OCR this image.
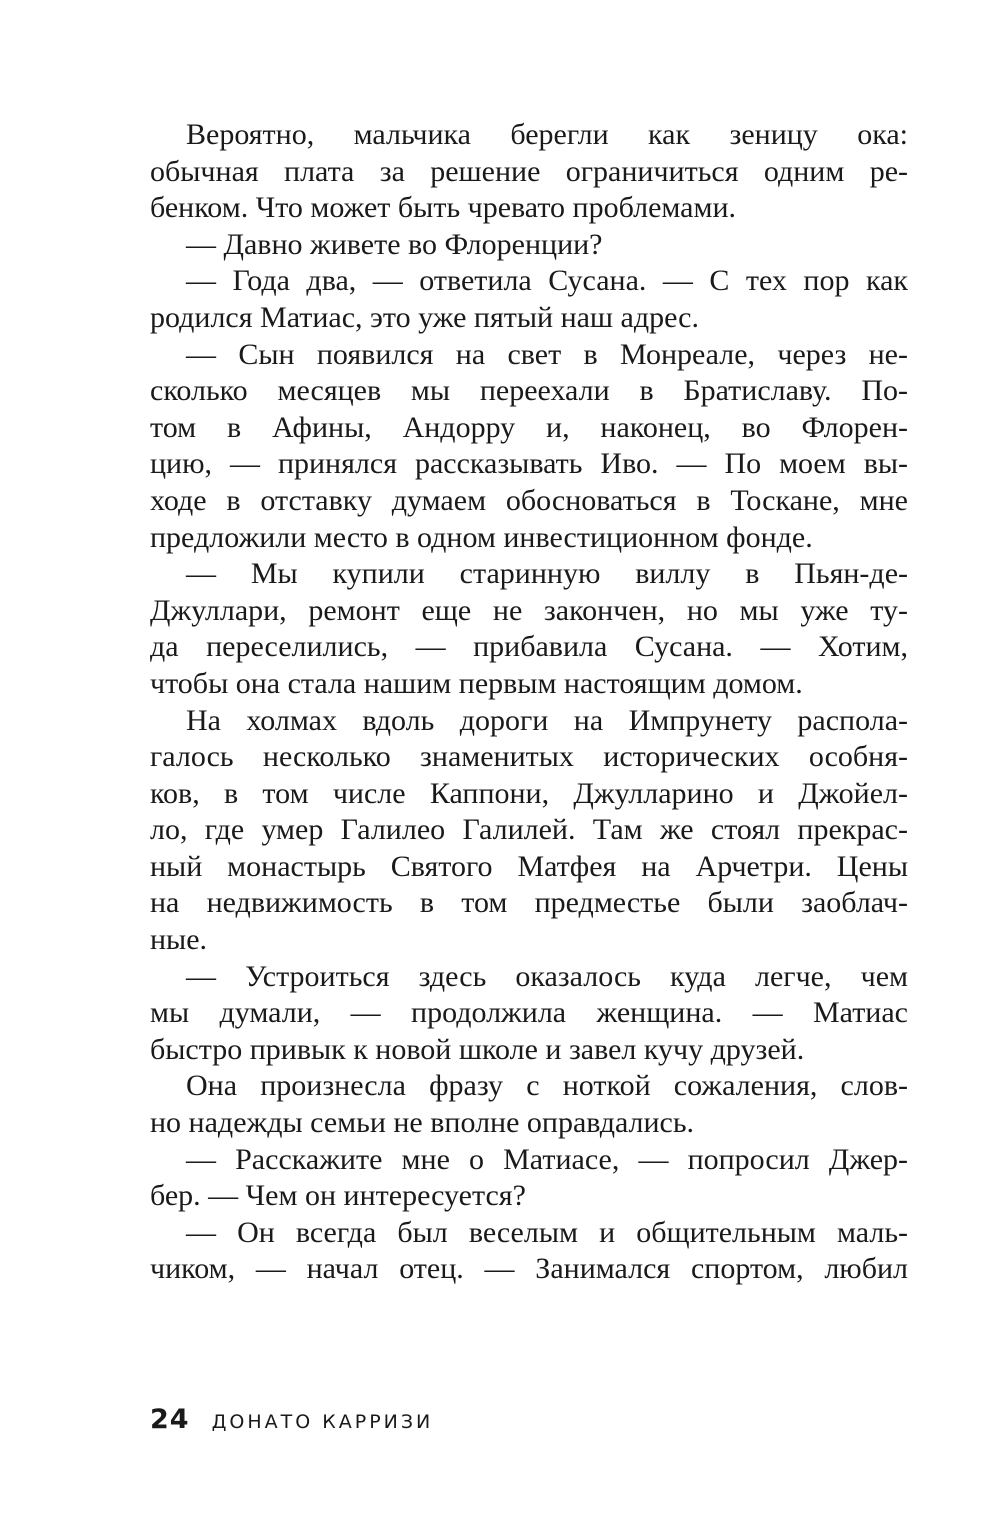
Вероятно, мальчика берегли как зеницу ока:
обычная плата за решение ограничиться одним ре-
бенком. Что может быть чревато проблемами.
— Давно живете во Флоренции?
— Года два, — ответила Сусана. — С тех пор как
родился Матиас, это уже пятый наш адрес.
— Сын появился на свет в Монреале, через не-
сколько месяцев мы переехали в Братиславу. По-
том в Афины, Андорру и, наконец, во Флорен-
цию, — принялся рассказывать Иво. — По моем вы-
ходе в отставку думаем обосноваться в Тоскане, мне
предложили место в одном инвестиционном фонде.
— Мы купили старинную виллу в Пьян-де-
Джуллари, ремонт еще не закончен, но мы уже ту-
да переселились, — прибавила Сусана. — Хотим,
чтобы она стала нашим первым настоящим домом.
На холмах вдоль дороги на Импрунету распола-
галось несколько знаменитых исторических особня-
ков, в том числе Каппони, Джулларино и Джойел-
ло, где умер Галилео Галилей. Там же стоял прекрас-
ный монастырь Святого Матфея на Арчетри. Цены
на недвижимость в том предместье были заоблач-
ные.
— Устроиться здесь оказалось куда легче, чем
мы думали, — продолжила женщина. — Матиас
быстро привык к новой школе и завел кучу друзей.
Она произнесла фразу с ноткой сожаления, слов-
но надежды семьи не вполне оправдались.
— Расскажите мне о Матиасе, — попросил Джер-
бер. — Чем он интересуется?
— Он всегда был веселым и общительным маль-
чиком, — начал отец. — Занимался спортом, любил
24 ДОНАТО КАРРИЗИ
